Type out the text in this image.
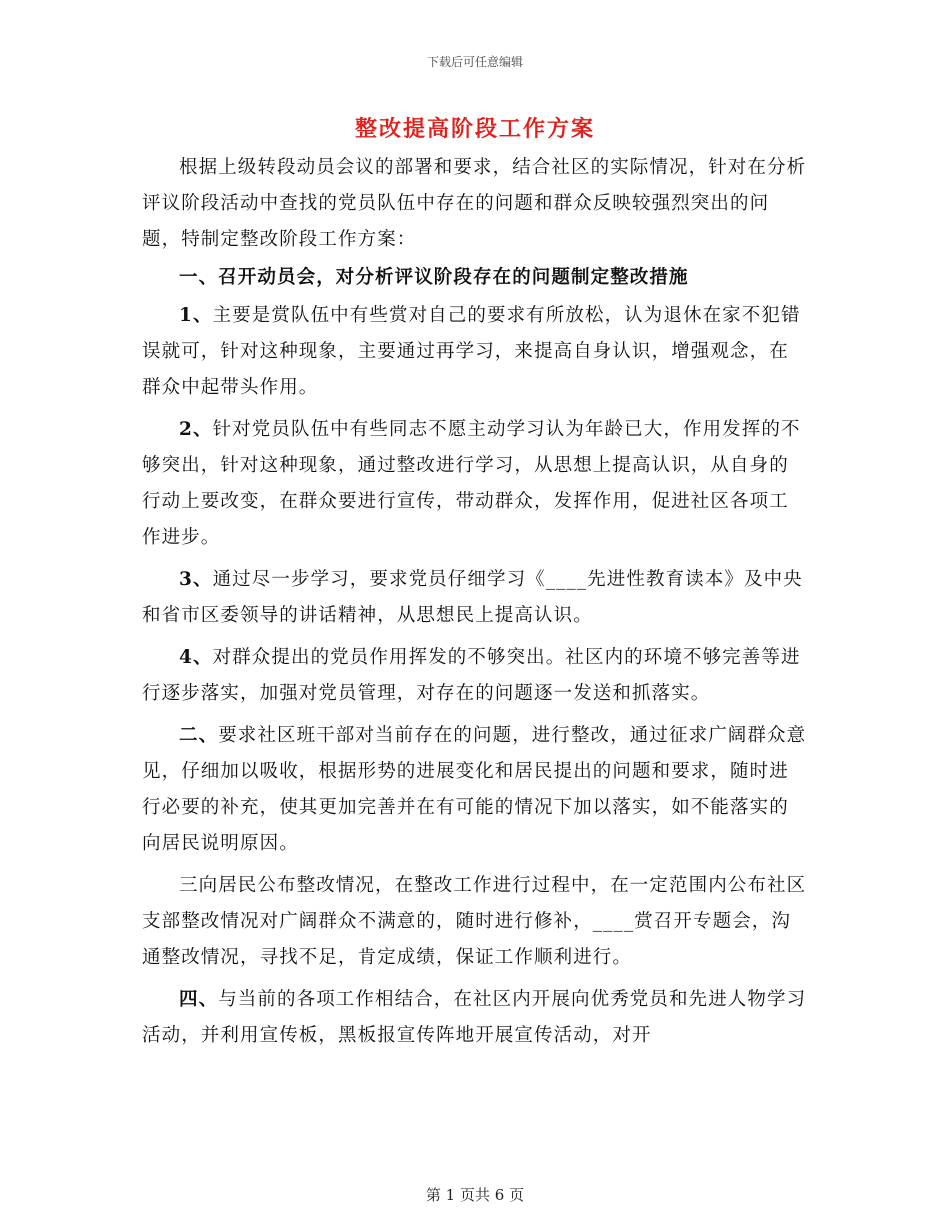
下载后可任意编辑
整改提高阶段工作方案

根据上级转段动员会议的部署和要求，结合社区的实际情况，针对在分析评议阶段活动中查找的党员队伍中存在的问题和群众反映较强烈突出的问题，特制定整改阶段工作方案：

一、召开动员会，对分析评议阶段存在的问题制定整改措施

1、主要是赏队伍中有些赏对自己的要求有所放松，认为退休在家不犯错误就可，针对这种现象，主要通过再学习，来提高自身认识，增强观念，在群众中起带头作用。

2、针对党员队伍中有些同志不愿主动学习认为年龄已大，作用发挥的不够突出，针对这种现象，通过整改进行学习，从思想上提高认识，从自身的行动上要改变，在群众要进行宣传，带动群众，发挥作用，促进社区各项工作进步。

3、通过尽一步学习，要求党员仔细学习《____先进性教育读本》及中央和省市区委领导的讲话精神，从思想民上提高认识。

4、对群众提出的党员作用挥发的不够突出。社区内的环境不够完善等进行逐步落实，加强对党员管理，对存在的问题逐一发送和抓落实。

二、要求社区班干部对当前存在的问题，进行整改，通过征求广阔群众意见，仔细加以吸收，根据形势的进展变化和居民提出的问题和要求，随时进行必要的补充，使其更加完善并在有可能的情况下加以落实，如不能落实的向居民说明原因。

三向居民公布整改情况，在整改工作进行过程中，在一定范围内公布社区支部整改情况对广阔群众不满意的，随时进行修补，____赏召开专题会，沟通整改情况，寻找不足，肯定成绩，保证工作顺利进行。

四、与当前的各项工作相结合，在社区内开展向优秀党员和先进人物学习活动，并利用宣传板，黑板报宣传阵地开展宣传活动，对开

第 1 页共 6 页
